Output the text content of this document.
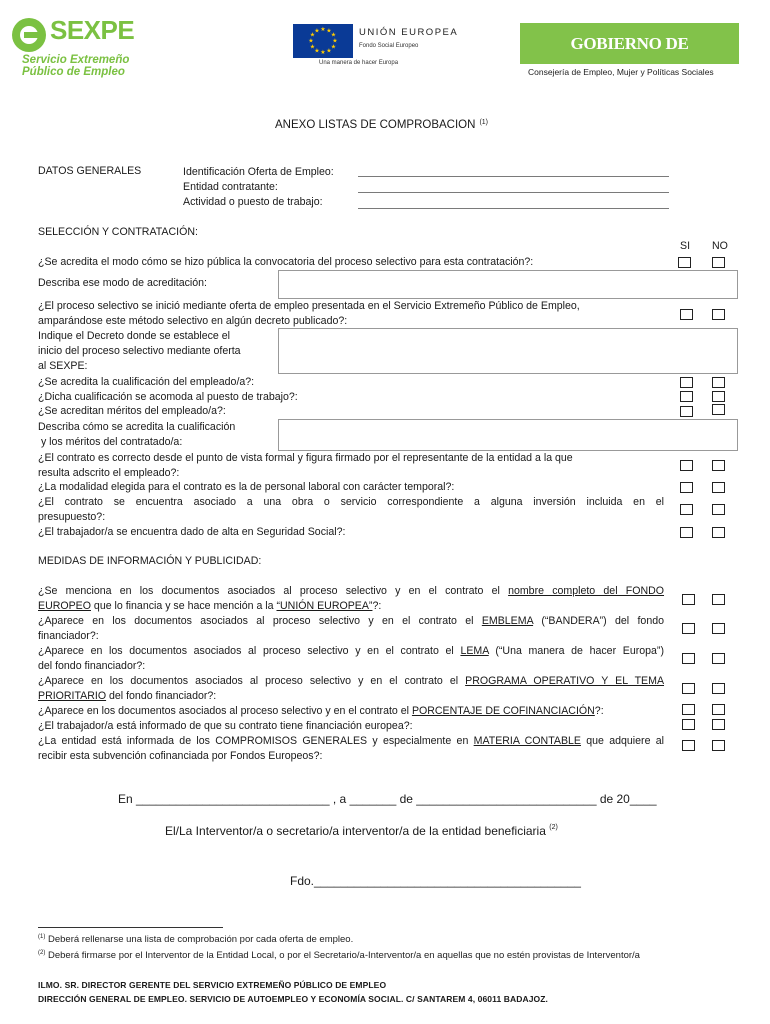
SEXPE
Servicio Extremeño
Público de Empleo
★ ★
★
★
★
★
★
★
★
★
★
★	UNIÓN EUROPEA
Fondo Social Europeo
Una manera de hacer Europa
GOBIERNO DE EXTREMADURA
Consejería de Empleo, Mujer y Políticas Sociales
ANEXO LISTAS DE COMPROBACION $^{(1)}$
DATOS GENERALES	Identificación Oferta de Empleo:
Entidad contratante:
Actividad o puesto de trabajo:
SELECCIÓN Y CONTRATACIÓN:
SI NO
¿Se acredita el modo cómo se hizo pública la convocatoria del proceso selectivo para esta contratación?:
Describa ese modo de acreditación:
¿El proceso selectivo se inició mediante oferta de empleo presentada en el Servicio Extremeño Público de Empleo,
amparándose este método selectivo en algún decreto publicado?:
Indique el Decreto donde se establece el
inicio del proceso selectivo mediante oferta
al SEXPE:
¿Se acredita la cualificación del empleado/a?:
¿Dicha cualificación se acomoda al puesto de trabajo?:
¿Se acreditan méritos del empleado/a?:
Describa cómo se acredita la cualificación
y los méritos del contratado/a:
¿El contrato es correcto desde el punto de vista formal y figura firmado por el representante de la entidad a la que
resulta adscrito el empleado?:
¿La modalidad elegida para el contrato es la de personal laboral con carácter temporal?:
¿El contrato se encuentra asociado a una obra o servicio correspondiente a alguna inversión incluida en el
presupuesto?:
¿El trabajador/a se encuentra dado de alta en Seguridad Social?:
MEDIDAS DE INFORMACIÓN Y PUBLICIDAD:
¿Se menciona en los documentos asociados al proceso selectivo y en el contrato el nombre completo del FONDO
EUROPEO que lo financia y se hace mención a la “UNIÓN EUROPEA”?:
¿Aparece en los documentos asociados al proceso selectivo y en el contrato el EMBLEMA (“BANDERA”) del fondo
financiador?:
¿Aparece en los documentos asociados al proceso selectivo y en el contrato el LEMA (“Una manera de hacer Europa”)
del fondo financiador?:
¿Aparece en los documentos asociados al proceso selectivo y en el contrato el PROGRAMA OPERATIVO Y EL TEMA
PRIORITARIO del fondo financiador?:
¿Aparece en los documentos asociados al proceso selectivo y en el contrato el PORCENTAJE DE COFINANCIACIÓN?:
¿El trabajador/a está informado de que su contrato tiene financiación europea?:
¿La entidad está informada de los COMPROMISOS GENERALES y especialmente en MATERIA CONTABLE que adquiere al
recibir esta subvención cofinanciada por Fondos Europeos?:
En _____________________________ , a _______ de ___________________________ de 20____
El/La Interventor/a o secretario/a interventor/a de la entidad beneficiaria $^{(2)}$
Fdo.________________________________________
$^{(1)}$ Deberá rellenarse una lista de comprobación por cada oferta de empleo.
$^{(2)}$ Deberá firmarse por el Interventor de la Entidad Local, o por el Secretario/a-Interventor/a en aquellas que no estén provistas de Interventor/a
ILMO. SR. DIRECTOR GERENTE DEL SERVICIO EXTREMEÑO PÚBLICO DE EMPLEO
DIRECCIÓN GENERAL DE EMPLEO. SERVICIO DE AUTOEMPLEO Y ECONOMÍA SOCIAL. C/ SANTAREM 4, 06011 BADAJOZ.
